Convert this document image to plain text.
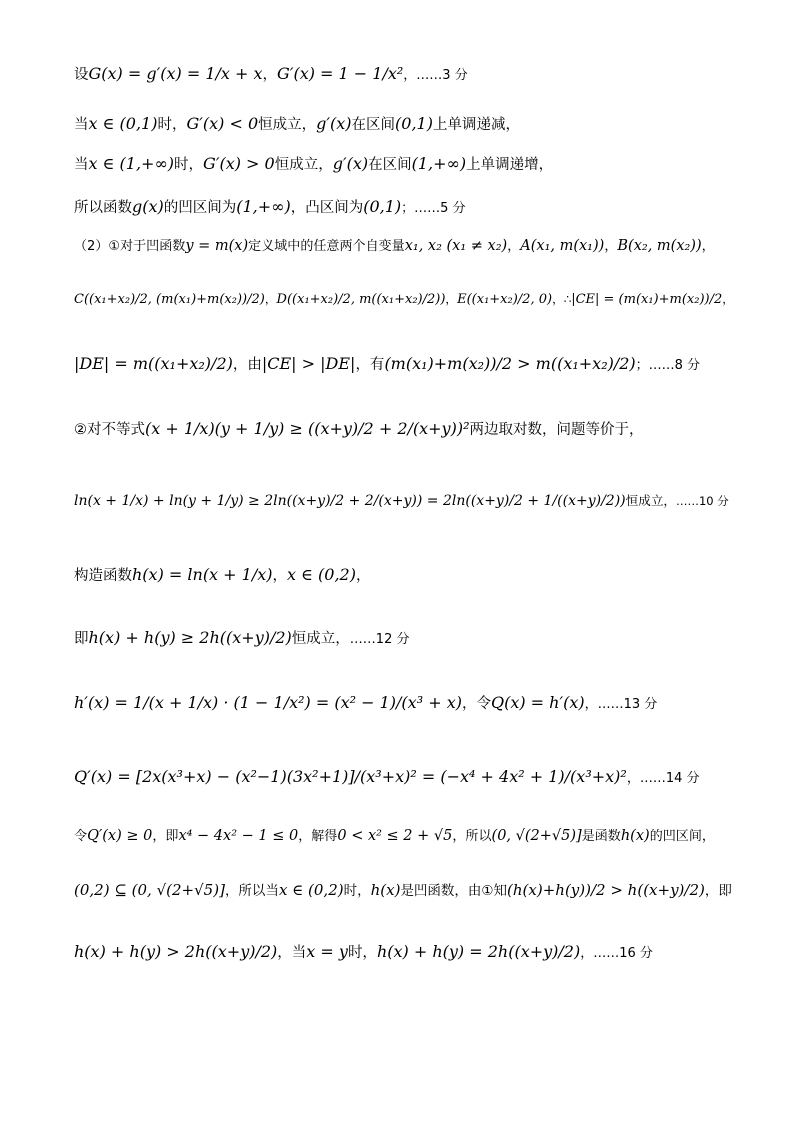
设G(x) = g′(x) = 1/x + x，G′(x) = 1 − 1/x²，……3 分
当x ∈ (0,1)时，G′(x) < 0恒成立，g′(x)在区间(0,1)上单调递减，
当x ∈ (1,+∞)时，G′(x) > 0恒成立，g′(x)在区间(1,+∞)上单调递增，
所以函数g(x)的凹区间为(1,+∞)，凸区间为(0,1)；……5 分
（2）①对于凹函数y = m(x)定义域中的任意两个自变量x₁, x₂ (x₁ ≠ x₂)，A(x₁, m(x₁))，B(x₂, m(x₂))，
C((x₁+x₂)/2, (m(x₁)+m(x₂))/2)，D((x₁+x₂)/2, m((x₁+x₂)/2))，E((x₁+x₂)/2, 0)，∴|CE| = (m(x₁)+m(x₂))/2，
|DE| = m((x₁+x₂)/2)，由|CE| > |DE|，有(m(x₁)+m(x₂))/2 > m((x₁+x₂)/2)；……8 分
②对不等式(x + 1/x)(y + 1/y) ≥ ((x+y)/2 + 2/(x+y))²两边取对数，问题等价于，
ln(x + 1/x) + ln(y + 1/y) ≥ 2ln((x+y)/2 + 2/(x+y)) = 2ln((x+y)/2 + 1/((x+y)/2))恒成立，……10 分
构造函数h(x) = ln(x + 1/x)，x ∈ (0,2)，
即h(x) + h(y) ≥ 2h((x+y)/2)恒成立，……12 分
h′(x) = 1/(x + 1/x) · (1 − 1/x²) = (x² − 1)/(x³ + x)，令Q(x) = h′(x)，……13 分
Q′(x) = [2x(x³+x) − (x²−1)(3x²+1)]/(x³+x)² = (−x⁴ + 4x² + 1)/(x³+x)²，……14 分
令Q′(x) ≥ 0，即x⁴ − 4x² − 1 ≤ 0，解得0 < x² ≤ 2 + √5，所以(0, √(2+√5)]是函数h(x)的凹区间，
(0,2) ⊆ (0, √(2+√5)]，所以当x ∈ (0,2)时，h(x)是凹函数，由①知(h(x)+h(y))/2 > h((x+y)/2)，即
h(x) + h(y) > 2h((x+y)/2)，当x = y时，h(x) + h(y) = 2h((x+y)/2)，……16 分
